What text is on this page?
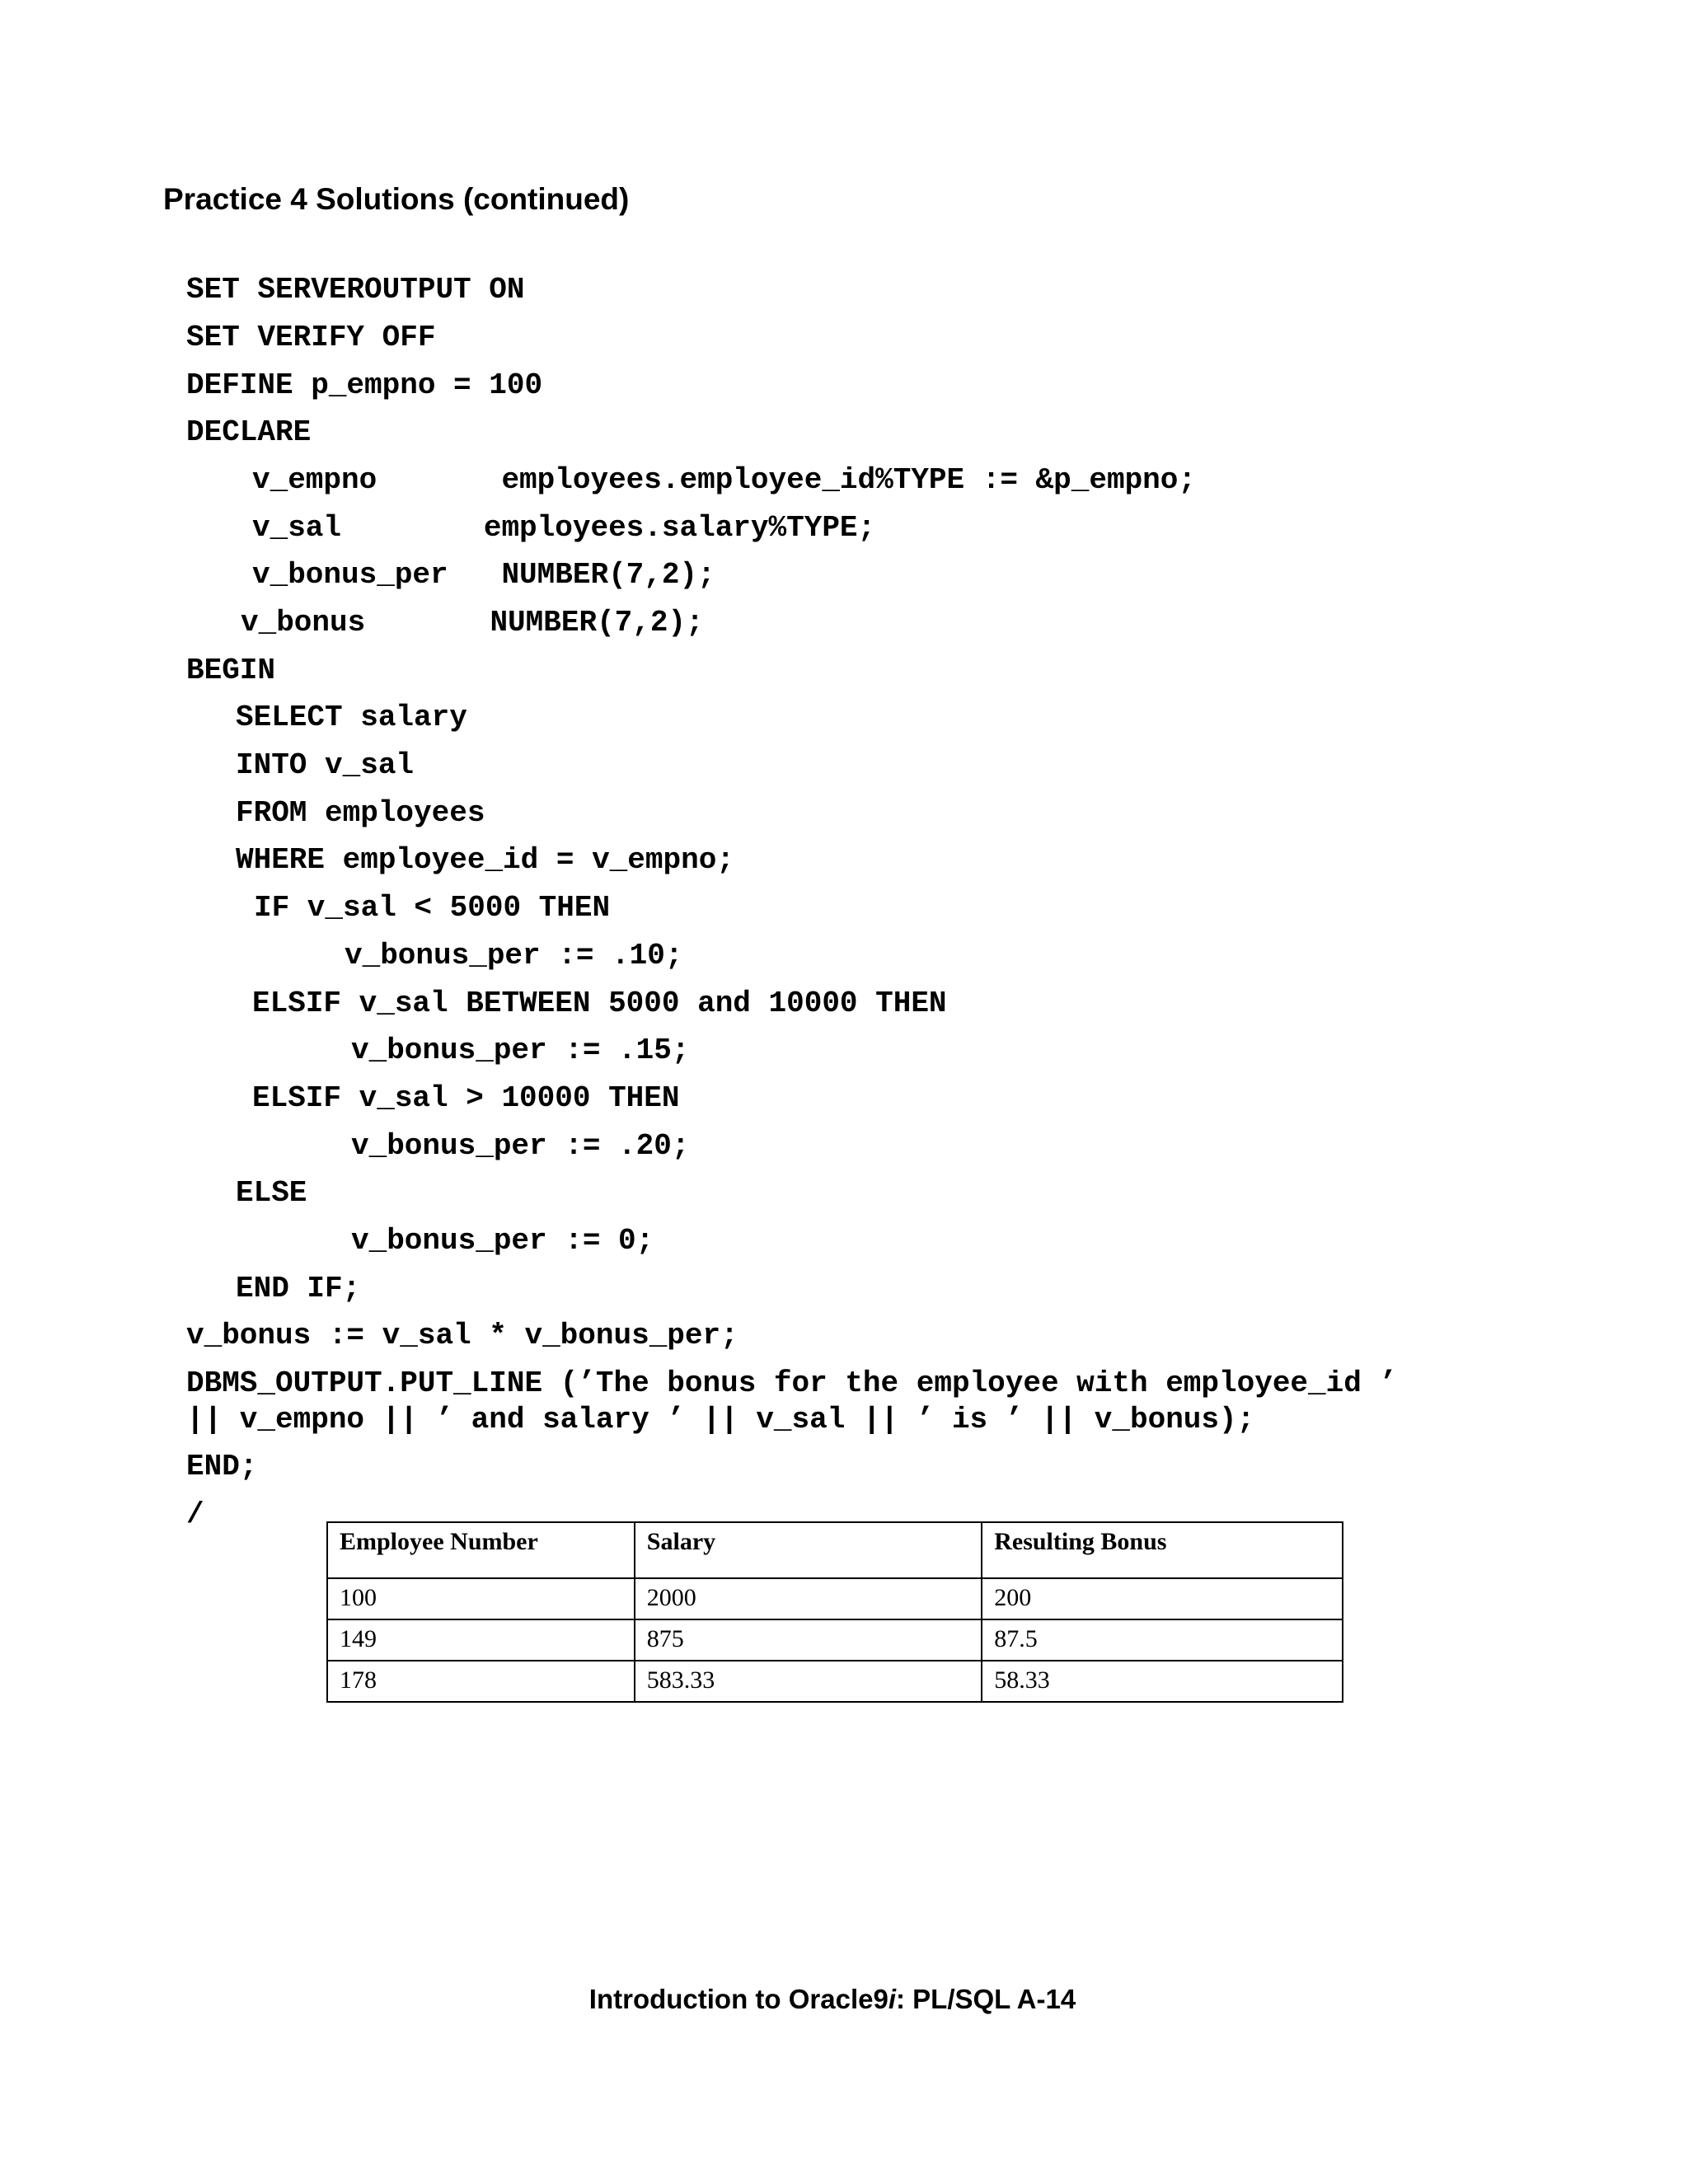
Practice 4 Solutions (continued)
SET SERVEROUTPUT ON
SET VERIFY OFF
DEFINE p_empno = 100
DECLARE
v_empno       employees.employee_id%TYPE := &p_empno;
v_sal        employees.salary%TYPE;
v_bonus_per   NUMBER(7,2);
v_bonus       NUMBER(7,2);
BEGIN
SELECT salary
INTO v_sal
FROM employees
WHERE employee_id = v_empno;
IF v_sal < 5000 THEN
v_bonus_per := .10;
ELSIF v_sal BETWEEN 5000 and 10000 THEN
v_bonus_per := .15;
ELSIF v_sal > 10000 THEN
v_bonus_per := .20;
ELSE
v_bonus_per := 0;
END IF;
v_bonus := v_sal * v_bonus_per;
DBMS_OUTPUT.PUT_LINE (’The bonus for the employee with employee_id ’
|| v_empno || ’ and salary ’ || v_sal || ’ is ’ || v_bonus);
END;
/
Employee Number	Salary	Resulting Bonus
100	2000	200
149	875	87.5
178	583.33	58.33
Introduction to Oracle9i: PL/SQL A-14
